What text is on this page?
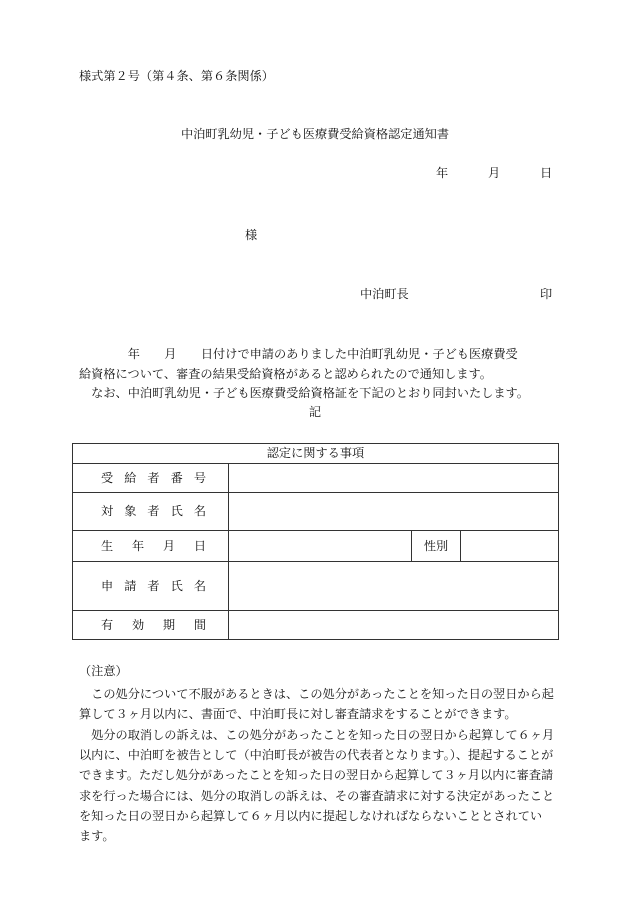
様式第２号（第４条、第６条関係）
中泊町乳幼児・子ども医療費受給資格認定通知書
年	月	日
様
中泊町長	印
　　　　年　　月　　日付けで申請のありました中泊町乳幼児・子ども医療費受
給資格について、審査の結果受給資格があると認められたので通知します。
　なお、中泊町乳幼児・子ども医療費受給資格証を下記のとおり同封いたします。
記
認定に関する事項			

受 給 者 番 号			

対 象 者 氏 名			

生 年 月 日		性別	

申 請 者 氏 名			

有 効 期 間			

（注意）
　この処分について不服があるときは、この処分があったことを知った日の翌日から起
算して３ヶ月以内に、書面で、中泊町長に対し審査請求をすることができます。
　処分の取消しの訴えは、この処分があったことを知った日の翌日から起算して６ヶ月
以内に、中泊町を被告として（中泊町長が被告の代表者となります。）、提起することが
できます。ただし処分があったことを知った日の翌日から起算して３ヶ月以内に審査請
求を行った場合には、処分の取消しの訴えは、その審査請求に対する決定があったこと
を知った日の翌日から起算して６ヶ月以内に提起しなければならないこととされてい
ます。
